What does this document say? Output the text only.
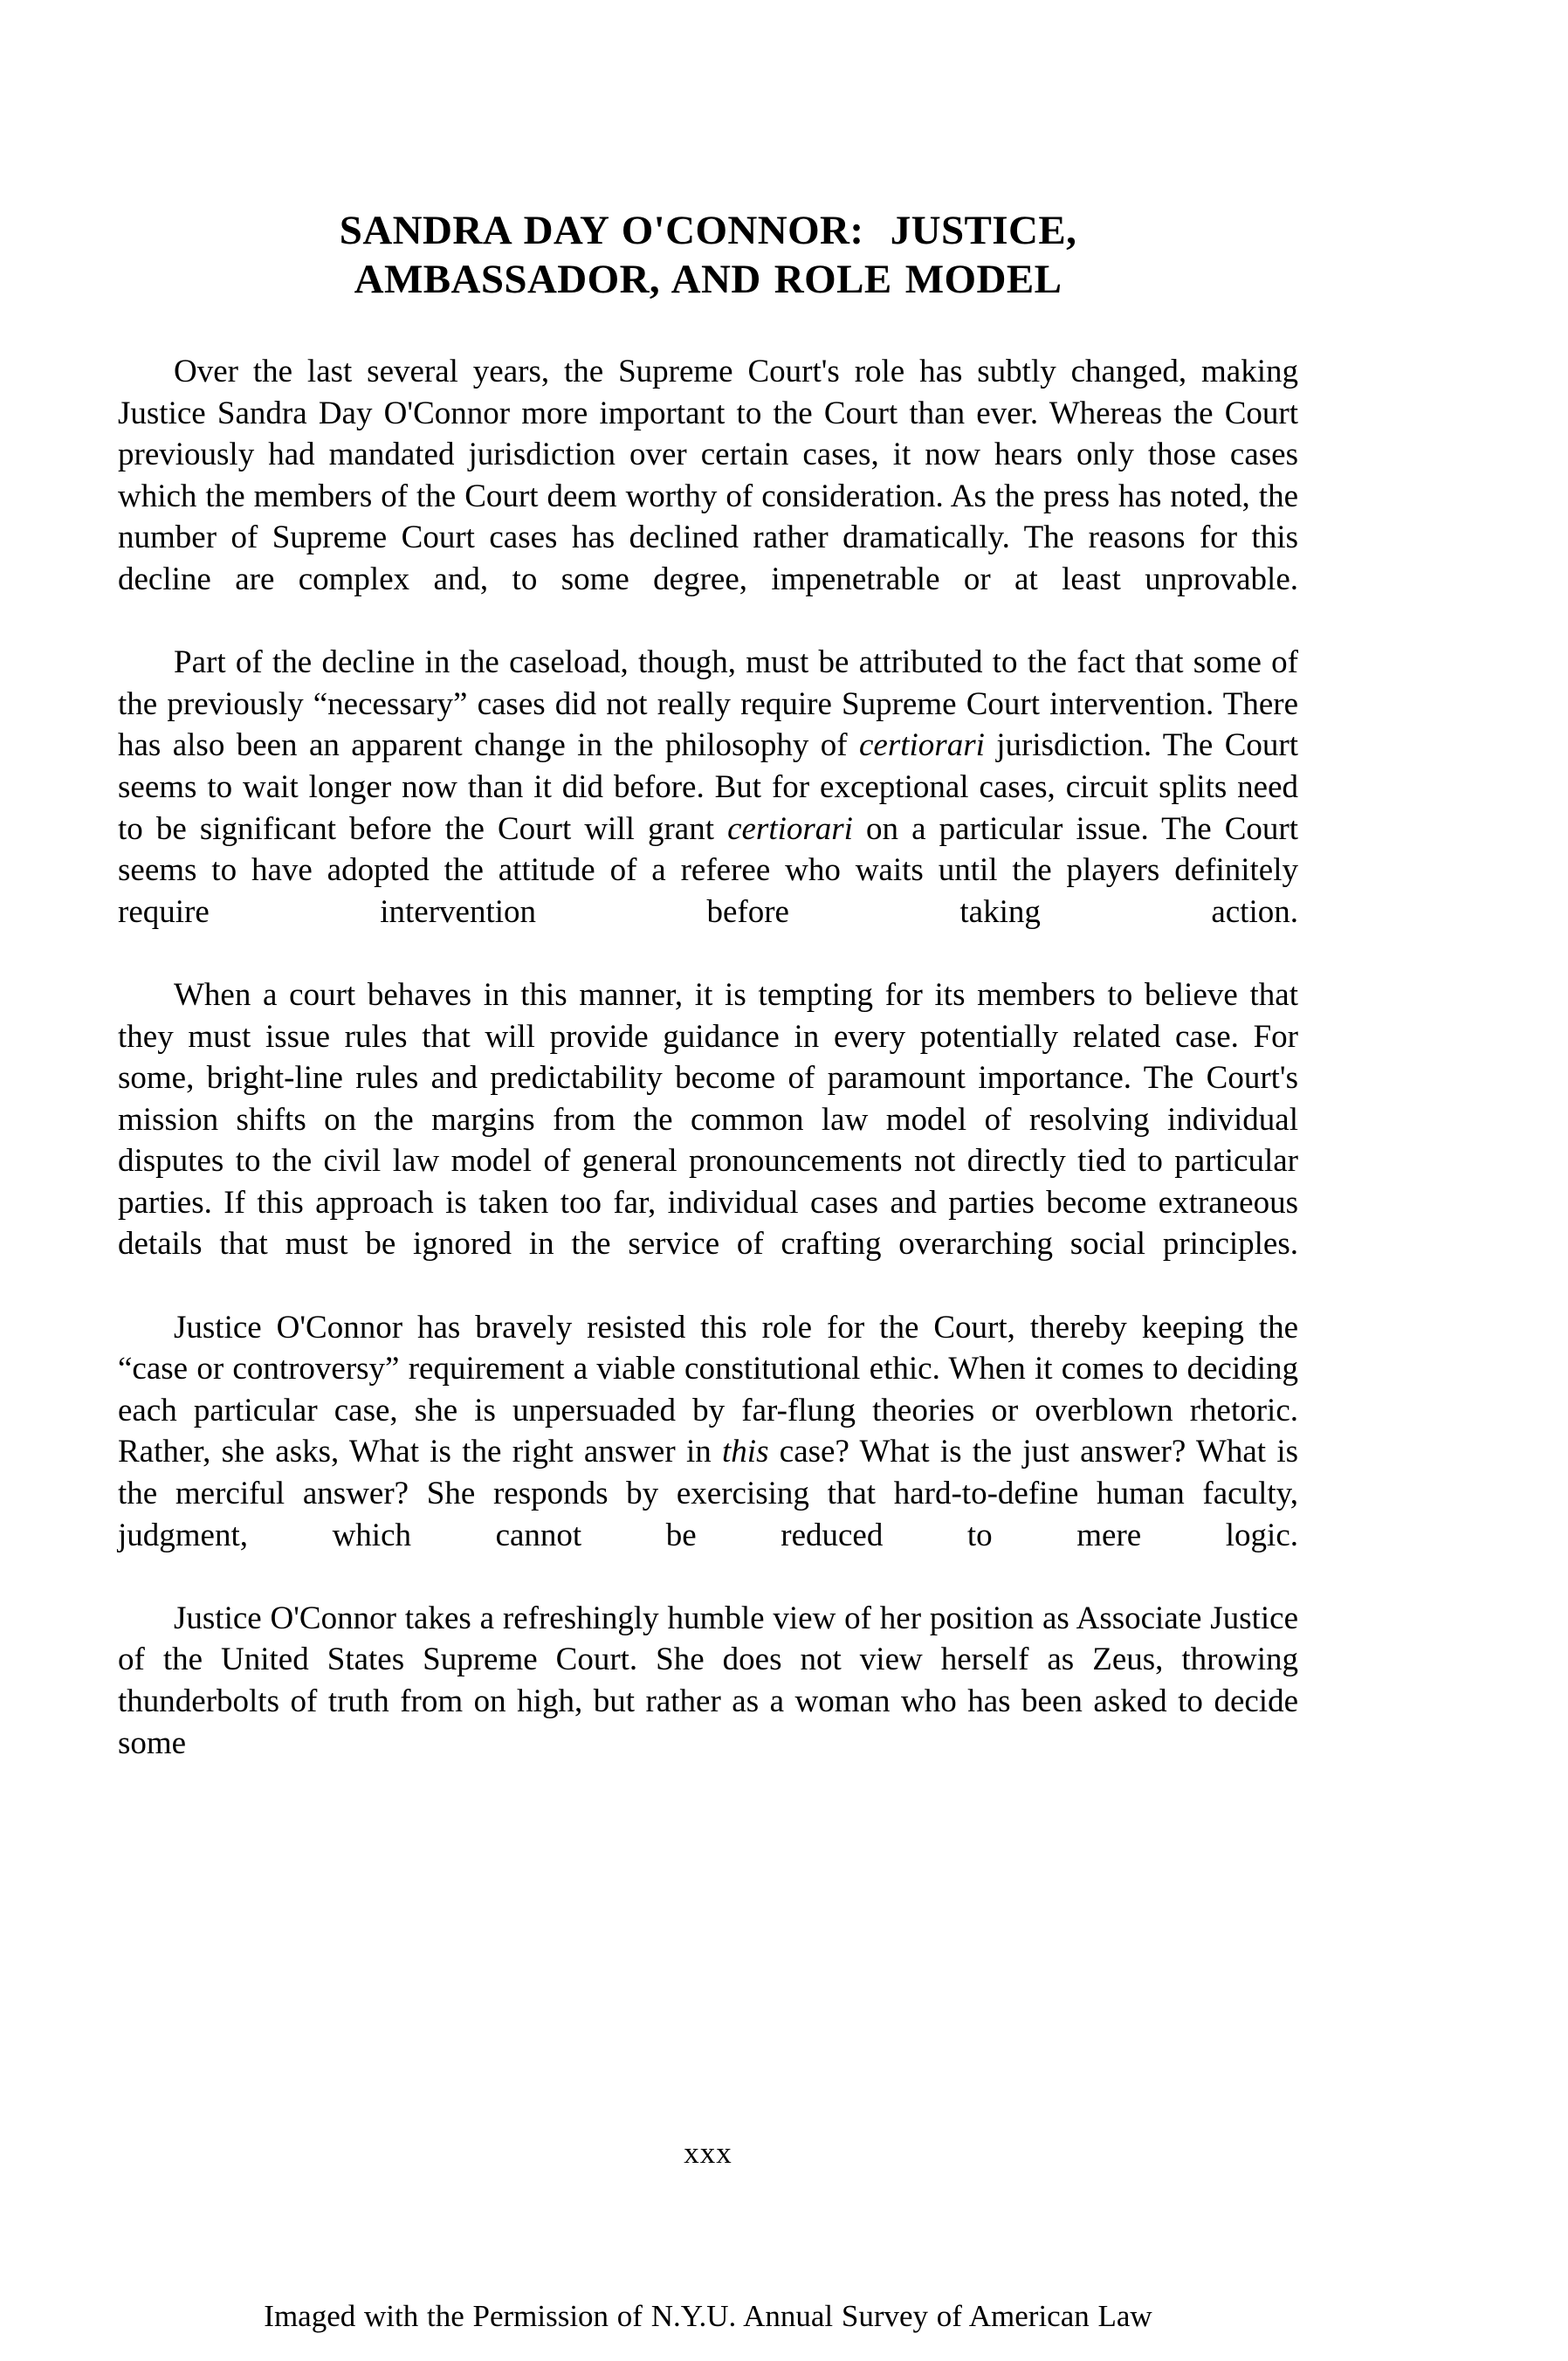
SANDRA DAY O'CONNOR:  JUSTICE,
AMBASSADOR, AND ROLE MODEL

Over the last several years, the Supreme Court's role has subtly changed, making Justice Sandra Day O'Connor more important to the Court than ever. Whereas the Court previously had mandated jurisdiction over certain cases, it now hears only those cases which the members of the Court deem worthy of consideration. As the press has noted, the number of Supreme Court cases has declined rather dramatically. The reasons for this decline are complex and, to some degree, impenetrable or at least unprovable.

Part of the decline in the caseload, though, must be attributed to the fact that some of the previously “necessary” cases did not really require Supreme Court intervention. There has also been an apparent change in the philosophy of certiorari jurisdiction. The Court seems to wait longer now than it did before. But for exceptional cases, circuit splits need to be significant before the Court will grant certiorari on a particular issue. The Court seems to have adopted the attitude of a referee who waits until the players definitely require intervention before taking action.

When a court behaves in this manner, it is tempting for its members to believe that they must issue rules that will provide guidance in every potentially related case. For some, bright-line rules and predictability become of paramount importance. The Court's mission shifts on the margins from the common law model of resolving individual disputes to the civil law model of general pronouncements not directly tied to particular parties. If this approach is taken too far, individual cases and parties become extraneous details that must be ignored in the service of crafting overarching social principles.

Justice O'Connor has bravely resisted this role for the Court, thereby keeping the “case or controversy” requirement a viable constitutional ethic. When it comes to deciding each particular case, she is unpersuaded by far-flung theories or overblown rhetoric. Rather, she asks, What is the right answer in this case? What is the just answer? What is the merciful answer? She responds by exercising that hard-to-define human faculty, judgment, which cannot be reduced to mere logic.

Justice O'Connor takes a refreshingly humble view of her position as Associate Justice of the United States Supreme Court. She does not view herself as Zeus, throwing thunderbolts of truth from on high, but rather as a woman who has been asked to decide some

xxx
Imaged with the Permission of N.Y.U. Annual Survey of American Law
